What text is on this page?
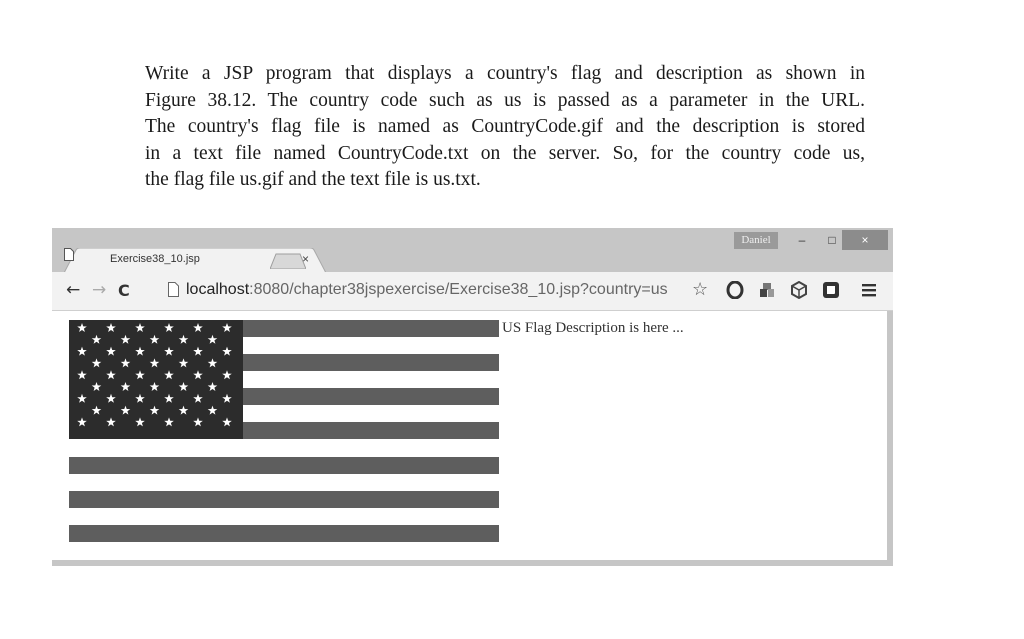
Write a JSP program that displays a country's flag and description as shown in
Figure 38.12. The country code such as us is passed as a parameter in the URL.
The country's flag file is named as CountryCode.gif and the description is stored
in a text file named CountryCode.txt on the server. So, for the country code us,
the flag file us.gif and the text file is us.txt.
Exercise38_10.jsp	×
Daniel	–	□	×
← → C	localhost:8080/chapter38jspexercise/Exercise38_10.jsp?country=us ☆
US Flag Description is here ...
